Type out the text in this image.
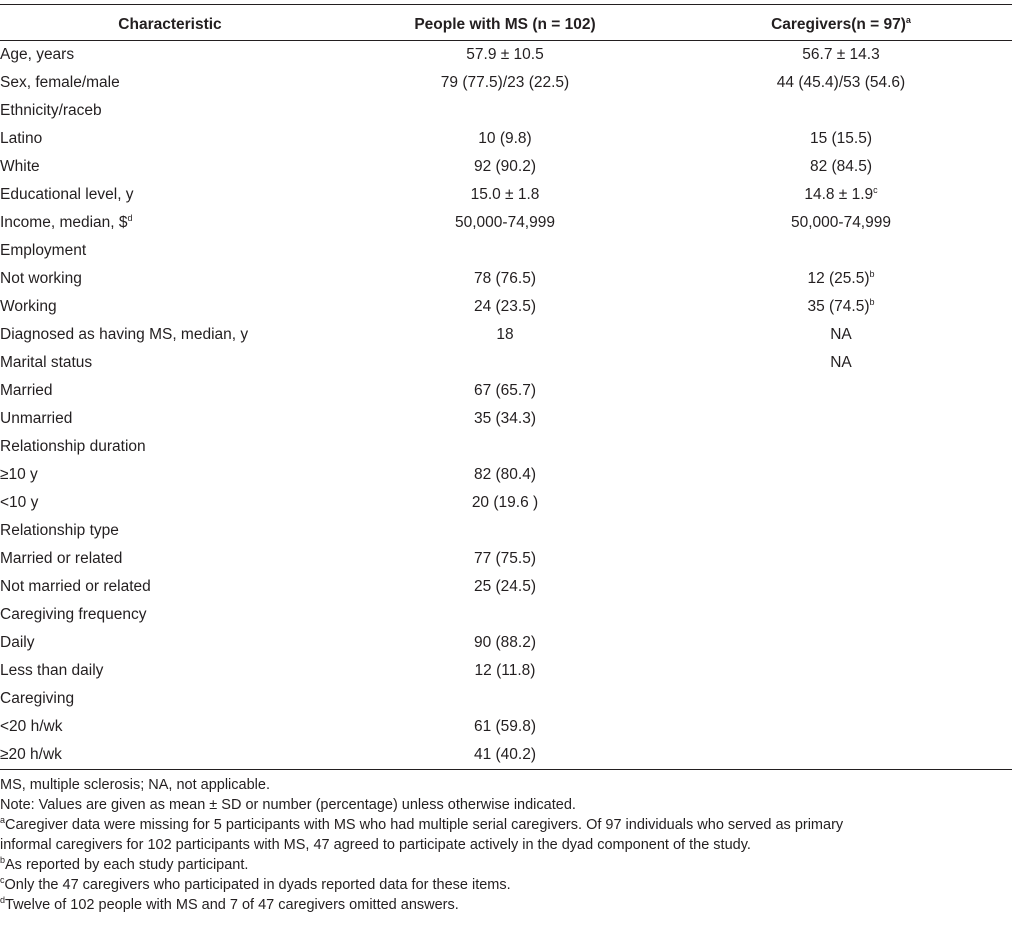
Characteristic	People with MS (n = 102)	Caregivers(n = 97)$^a$
Age, years	57.9 ± 10.5	56.7 ± 14.3
Sex, female/male	79 (77.5)/23 (22.5)	44 (45.4)/53 (54.6)
Ethnicity/raceb		
Latino	10 (9.8)	15 (15.5)
White	92 (90.2)	82 (84.5)
Educational level, y	15.0 ± 1.8	14.8 ± 1.9$^c$
Income, median, \$$^d$	50,000-74,999	50,000-74,999
Employment		
Not working	78 (76.5)	12 $(25.5)^b$
Working	24 (23.5)	35 $(74.5)^b$
Diagnosed as having MS, median, y	18	NA
Marital status		NA
Married	67 (65.7)	
Unmarried	35 (34.3)	
Relationship duration		
≥10 y	82 (80.4)	
<10 y	20 (19.6 )	
Relationship type		
Married or related	77 (75.5)	
Not married or related	25 (24.5)	
Caregiving frequency		
Daily	90 (88.2)	
Less than daily	12 (11.8)	
Caregiving		
<20 h/wk	61 (59.8)	
≥20 h/wk	41 (40.2)	
MS, multiple sclerosis; NA, not applicable.
Note: Values are given as mean ± SD or number (percentage) unless otherwise indicated.
$^a$Caregiver data were missing for 5 participants with MS who had multiple serial caregivers. Of 97 individuals who served as primary
informal caregivers for 102 participants with MS, 47 agreed to participate actively in the dyad component of the study.
$^b$As reported by each study participant.
$^c$Only the 47 caregivers who participated in dyads reported data for these items.
$^d$Twelve of 102 people with MS and 7 of 47 caregivers omitted answers.
